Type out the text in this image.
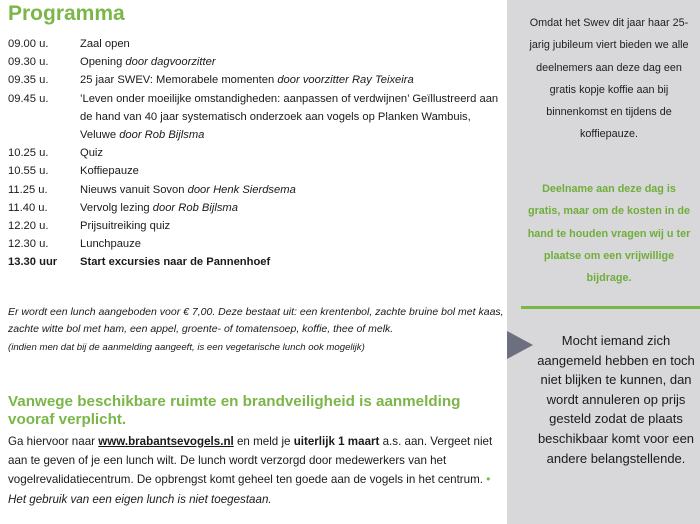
Programma
09.00 u.	Zaal open
09.30 u.	Opening door dagvoorzitter
09.35 u.	25 jaar SWEV: Memorabele momenten door voorzitter Ray Teixeira
09.45 u.	’Leven onder moeilijke omstandigheden: aanpassen of verdwijnen’ Geïllustreerd aan de hand van 40 jaar systematisch onderzoek aan vogels op Planken Wambuis, Veluwe door Rob Bijlsma
10.25 u.	Quiz
10.55 u.	Koffiepauze
11.25 u.	Nieuws vanuit Sovon door Henk Sierdsema
11.40 u.	Vervolg lezing door Rob Bijlsma
12.20 u.	Prijsuitreiking quiz
12.30 u.	Lunchpauze
13.30 uur	Start excursies naar de Pannenhoef
Er wordt een lunch aangeboden voor € 7,00. Deze bestaat uit: een krentenbol, zachte bruine bol met kaas, zachte witte bol met ham, een appel, groente- of tomatensoep, koffie, thee of melk.
(indien men dat bij de aanmelding aangeeft, is een vegetarische lunch ook mogelijk)
Vanwege beschikbare ruimte en brandveiligheid is aanmelding vooraf verplicht.
Ga hiervoor naar www.brabantsevogels.nl en meld je uiterlijk 1 maart a.s. aan. Vergeet niet aan te geven of je een lunch wilt. De lunch wordt verzorgd door medewerkers van het vogelrevalidatiecentrum. De opbrengst komt geheel ten goede aan de vogels in het centrum. • Het gebruik van een eigen lunch is niet toegestaan.
Omdat het Swev dit jaar haar 25-jarig jubileum viert bieden we alle deelnemers aan deze dag een gratis kopje koffie aan bij binnenkomst en tijdens de koffiepauze.
Deelname aan deze dag is gratis, maar om de kosten in de hand te houden vragen wij u ter plaatse om een vrijwillige bijdrage.
Mocht iemand zich aangemeld hebben en toch niet blijken te kunnen, dan wordt annuleren op prijs gesteld zodat de plaats beschikbaar komt voor een andere belangstellende.
